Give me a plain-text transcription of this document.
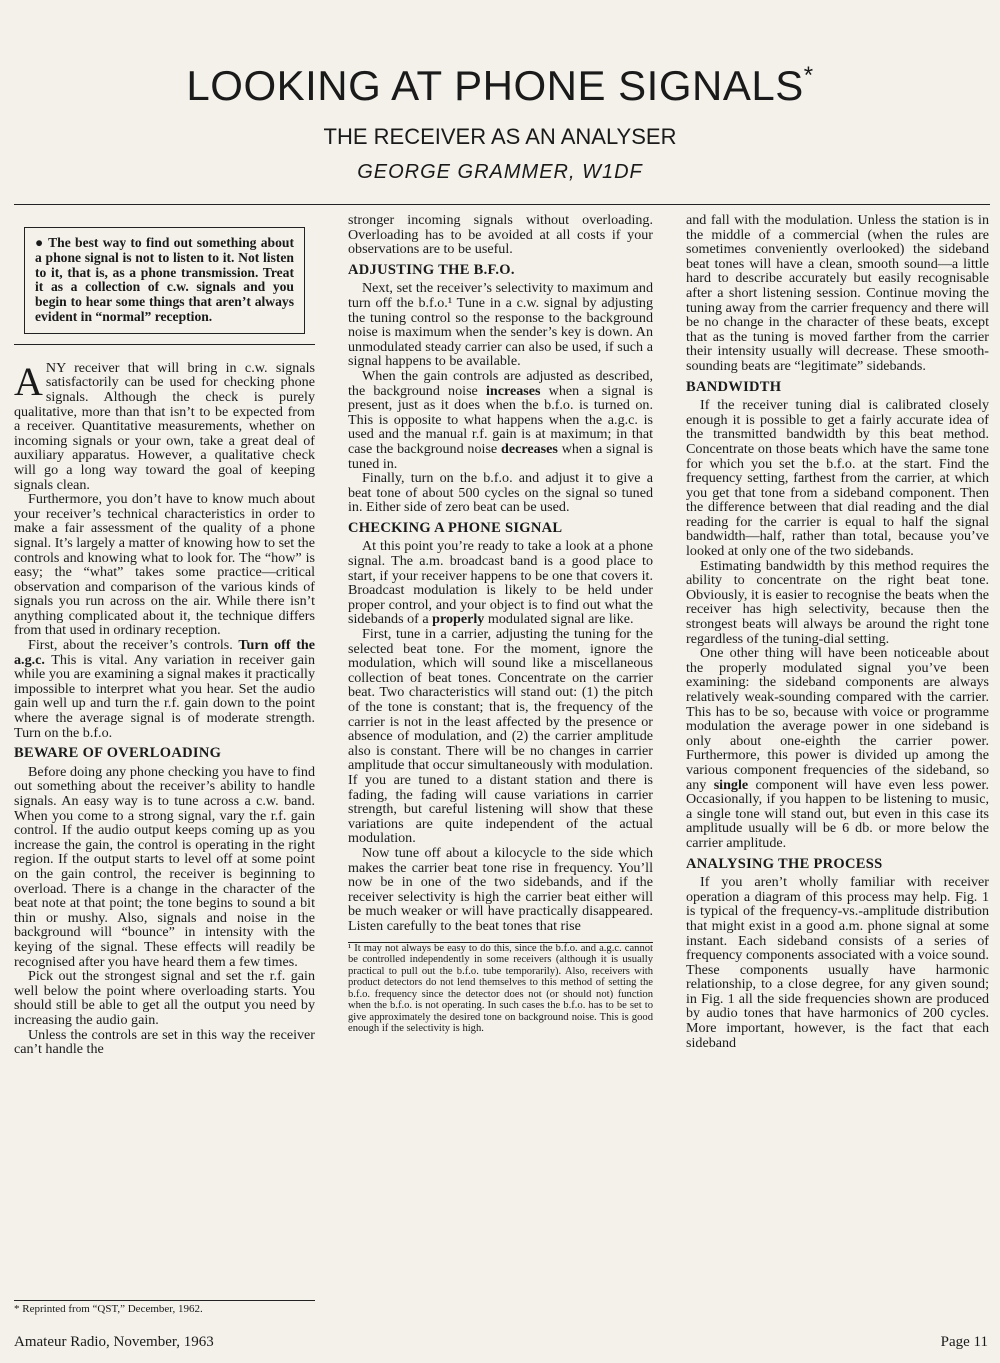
LOOKING AT PHONE SIGNALS*
THE RECEIVER AS AN ANALYSER
GEORGE GRAMMER, W1DF
● The best way to find out something about a phone signal is not to listen to it. Not listen to it, that is, as a phone transmission. Treat it as a collection of c.w. signals and you begin to hear some things that aren’t always evident in “normal” reception.

ANY receiver that will bring in c.w. signals satisfactorily can be used for checking phone signals. Although the check is purely qualitative, more than that isn’t to be expected from a receiver. Quantitative measurements, whether on incoming signals or your own, take a great deal of auxiliary apparatus. However, a qualitative check will go a long way toward the goal of keeping signals clean.

Furthermore, you don’t have to know much about your receiver’s technical characteristics in order to make a fair assessment of the quality of a phone signal. It’s largely a matter of knowing how to set the controls and knowing what to look for. The “how” is easy; the “what” takes some practice—critical observation and comparison of the various kinds of signals you run across on the air. While there isn’t anything complicated about it, the technique differs from that used in ordinary reception.

First, about the receiver’s controls. Turn off the a.g.c. This is vital. Any variation in receiver gain while you are examining a signal makes it practically impossible to interpret what you hear. Set the audio gain well up and turn the r.f. gain down to the point where the average signal is of moderate strength. Turn on the b.f.o.

BEWARE OF OVERLOADING

Before doing any phone checking you have to find out something about the receiver’s ability to handle signals. An easy way is to tune across a c.w. band. When you come to a strong signal, vary the r.f. gain control. If the audio output keeps coming up as you increase the gain, the control is operating in the right region. If the output starts to level off at some point on the gain control, the receiver is beginning to overload. There is a change in the character of the beat note at that point; the tone begins to sound a bit thin or mushy. Also, signals and noise in the background will “bounce” in intensity with the keying of the signal. These effects will readily be recognised after you have heard them a few times.

Pick out the strongest signal and set the r.f. gain well below the point where overloading starts. You should still be able to get all the output you need by increasing the audio gain.

Unless the controls are set in this way the receiver can’t handle the

stronger incoming signals without overloading. Overloading has to be avoided at all costs if your observations are to be useful.

ADJUSTING THE B.F.O.

Next, set the receiver’s selectivity to maximum and turn off the b.f.o.¹ Tune in a c.w. signal by adjusting the tuning control so the response to the background noise is maximum when the sender’s key is down. An unmodulated steady carrier can also be used, if such a signal happens to be available.

When the gain controls are adjusted as described, the background noise increases when a signal is present, just as it does when the b.f.o. is turned on. This is opposite to what happens when the a.g.c. is used and the manual r.f. gain is at maximum; in that case the background noise decreases when a signal is tuned in.

Finally, turn on the b.f.o. and adjust it to give a beat tone of about 500 cycles on the signal so tuned in. Either side of zero beat can be used.

CHECKING A PHONE SIGNAL

At this point you’re ready to take a look at a phone signal. The a.m. broadcast band is a good place to start, if your receiver happens to be one that covers it. Broadcast modulation is likely to be held under proper control, and your object is to find out what the sidebands of a properly modulated signal are like.

First, tune in a carrier, adjusting the tuning for the selected beat tone. For the moment, ignore the modulation, which will sound like a miscellaneous collection of beat tones. Concentrate on the carrier beat. Two characteristics will stand out: (1) the pitch of the tone is constant; that is, the frequency of the carrier is not in the least affected by the presence or absence of modulation, and (2) the carrier amplitude also is constant. There will be no changes in carrier amplitude that occur simultaneously with modulation. If you are tuned to a distant station and there is fading, the fading will cause variations in carrier strength, but careful listening will show that these variations are quite independent of the actual modulation.

Now tune off about a kilocycle to the side which makes the carrier beat tone rise in frequency. You’ll now be in one of the two sidebands, and if the receiver selectivity is high the carrier beat either will be much weaker or will have practically disappeared. Listen carefully to the beat tones that rise

¹ It may not always be easy to do this, since the b.f.o. and a.g.c. cannot be controlled independently in some receivers (although it is usually practical to pull out the b.f.o. tube temporarily). Also, receivers with product detectors do not lend themselves to this method of setting the b.f.o. frequency since the detector does not (or should not) function when the b.f.o. is not operating. In such cases the b.f.o. has to be set to give approximately the desired tone on background noise. This is good enough if the selectivity is high.

and fall with the modulation. Unless the station is in the middle of a commercial (when the rules are sometimes conveniently overlooked) the sideband beat tones will have a clean, smooth sound—a little hard to describe accurately but easily recognisable after a short listening session. Continue moving the tuning away from the carrier frequency and there will be no change in the character of these beats, except that as the tuning is moved farther from the carrier their intensity usually will decrease. These smooth-sounding beats are “legitimate” sidebands.

BANDWIDTH

If the receiver tuning dial is calibrated closely enough it is possible to get a fairly accurate idea of the transmitted bandwidth by this beat method. Concentrate on those beats which have the same tone for which you set the b.f.o. at the start. Find the frequency setting, farthest from the carrier, at which you get that tone from a sideband component. Then the difference between that dial reading and the dial reading for the carrier is equal to half the signal bandwidth—half, rather than total, because you’ve looked at only one of the two sidebands.

Estimating bandwidth by this method requires the ability to concentrate on the right beat tone. Obviously, it is easier to recognise the beats when the receiver has high selectivity, because then the strongest beats will always be around the right tone regardless of the tuning-dial setting.

One other thing will have been noticeable about the properly modulated signal you’ve been examining: the sideband components are always relatively weak-sounding compared with the carrier. This has to be so, because with voice or programme modulation the average power in one sideband is only about one-eighth the carrier power. Furthermore, this power is divided up among the various component frequencies of the sideband, so any single component will have even less power. Occasionally, if you happen to be listening to music, a single tone will stand out, but even in this case its amplitude usually will be 6 db. or more below the carrier amplitude.

ANALYSING THE PROCESS

If you aren’t wholly familiar with receiver operation a diagram of this process may help. Fig. 1 is typical of the frequency-vs.-amplitude distribution that might exist in a good a.m. phone signal at some instant. Each sideband consists of a series of frequency components associated with a voice sound. These components usually have harmonic relationship, to a close degree, for any given sound; in Fig. 1 all the side frequencies shown are produced by audio tones that have harmonics of 200 cycles. More important, however, is the fact that each sideband

* Reprinted from “QST,” December, 1962.
Amateur Radio, November, 1963	Page 11
